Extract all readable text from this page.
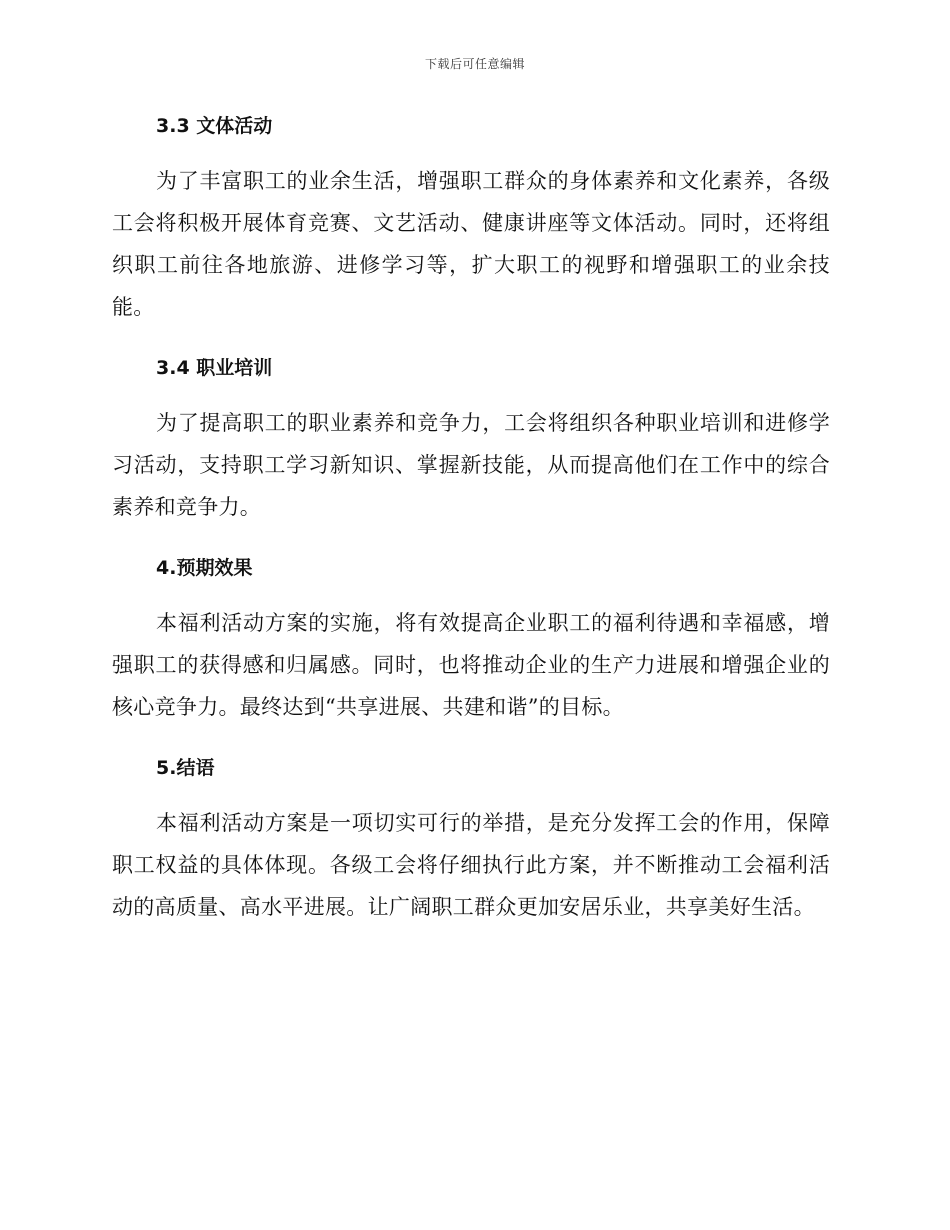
下载后可任意编辑
3.3 文体活动

为了丰富职工的业余生活，增强职工群众的身体素养和文化素养，各级工会将积极开展体育竞赛、文艺活动、健康讲座等文体活动。同时，还将组织职工前往各地旅游、进修学习等，扩大职工的视野和增强职工的业余技能。

3.4 职业培训

为了提高职工的职业素养和竞争力，工会将组织各种职业培训和进修学习活动，支持职工学习新知识、掌握新技能，从而提高他们在工作中的综合素养和竞争力。

4.预期效果

本福利活动方案的实施，将有效提高企业职工的福利待遇和幸福感，增强职工的获得感和归属感。同时，也将推动企业的生产力进展和增强企业的核心竞争力。最终达到“共享进展、共建和谐”的目标。

5.结语

本福利活动方案是一项切实可行的举措，是充分发挥工会的作用，保障职工权益的具体体现。各级工会将仔细执行此方案，并不断推动工会福利活动的高质量、高水平进展。让广阔职工群众更加安居乐业，共享美好生活。
